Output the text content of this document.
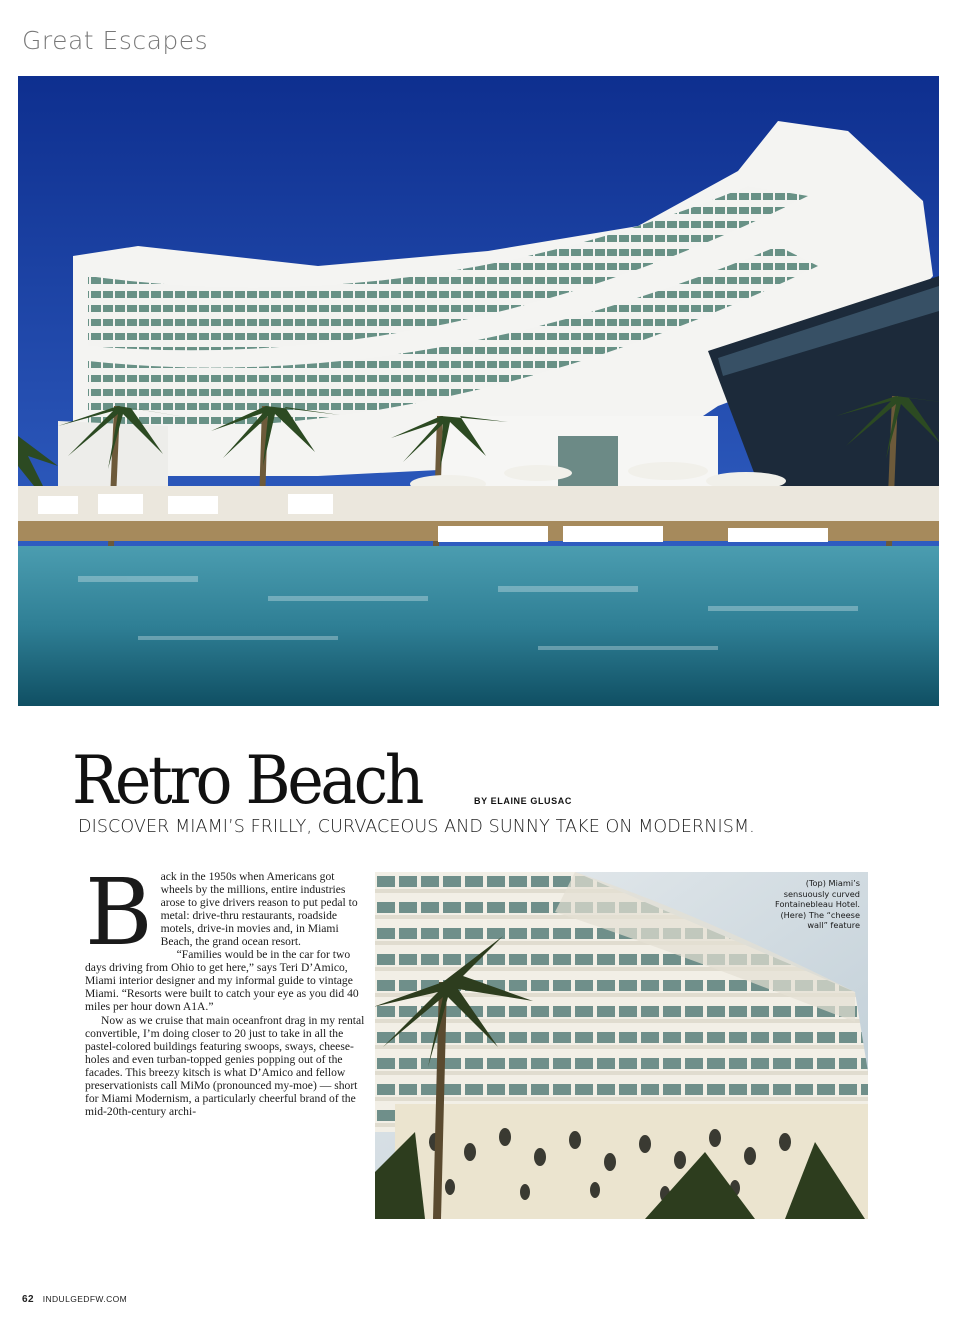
Great Escapes
Retro Beach	BY ELAINE GLUSAC
DISCOVER MIAMI’S FRILLY, CURVACEOUS AND SUNNY TAKE ON MODERNISM.
B ack in the 1950s when Americans got wheels by the millions, entire industries arose to give drivers reason to put pedal to metal: drive-thru restaurants, roadside motels, drive-in movies and, in Miami Beach, the grand ocean resort.

“Families would be in the car for two days driving from Ohio to get here,” says Teri D’Amico, Miami interior designer and my informal guide to vintage Miami. “Resorts were built to catch your eye as you did 40 miles per hour down A1A.”

Now as we cruise that main oceanfront drag in my rental convertible, I’m doing closer to 20 just to take in all the pastel-colored buildings featuring swoops, sways, cheese-holes and even turban-topped genies popping out of the facades. This breezy kitsch is what D’Amico and fellow preservationists call MiMo (pronounced my-moe) — short for Miami Modernism, a particularly cheerful brand of the mid-20th-century archi-

(Top) Miami’s sensuously curved Fontainebleau Hotel. (Here) The “cheese wall” feature
62 INDULGEDFW.COM
